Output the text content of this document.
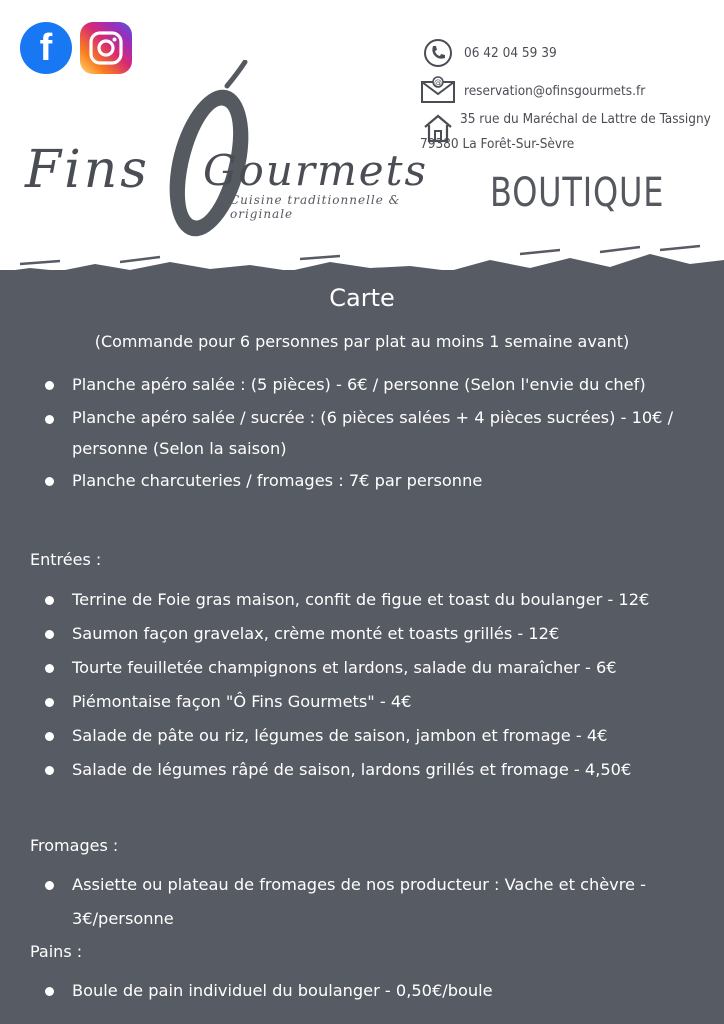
f
Fins Gourmets
Cuisine traditionnelle & originale
06 42 04 59 39
@
reservation@ofinsgourmets.fr
35 rue du Maréchal de Lattre de Tassigny
79380 La Forêt-Sur-Sèvre
BOUTIQUE
Carte
(Commande pour 6 personnes par plat au moins 1 semaine avant)
Planche apéro salée : (5 pièces) - 6€ / personne (Selon l'envie du chef)
Planche apéro salée / sucrée : (6 pièces salées + 4 pièces sucrées) - 10€ / personne (Selon la saison)
Planche charcuteries / fromages : 7€ par personne
Entrées :
Terrine de Foie gras maison, confit de figue et toast du boulanger - 12€
Saumon façon gravelax, crème monté et toasts grillés - 12€
Tourte feuilletée champignons et lardons, salade du maraîcher - 6€
Piémontaise façon "Ô Fins Gourmets" - 4€
Salade de pâte ou riz, légumes de saison, jambon et fromage - 4€
Salade de légumes râpé de saison, lardons grillés et fromage - 4,50€
Fromages :
Assiette ou plateau de fromages de nos producteur : Vache et chèvre - 3€/personne
Pains :
Boule de pain individuel du boulanger - 0,50€/boule
